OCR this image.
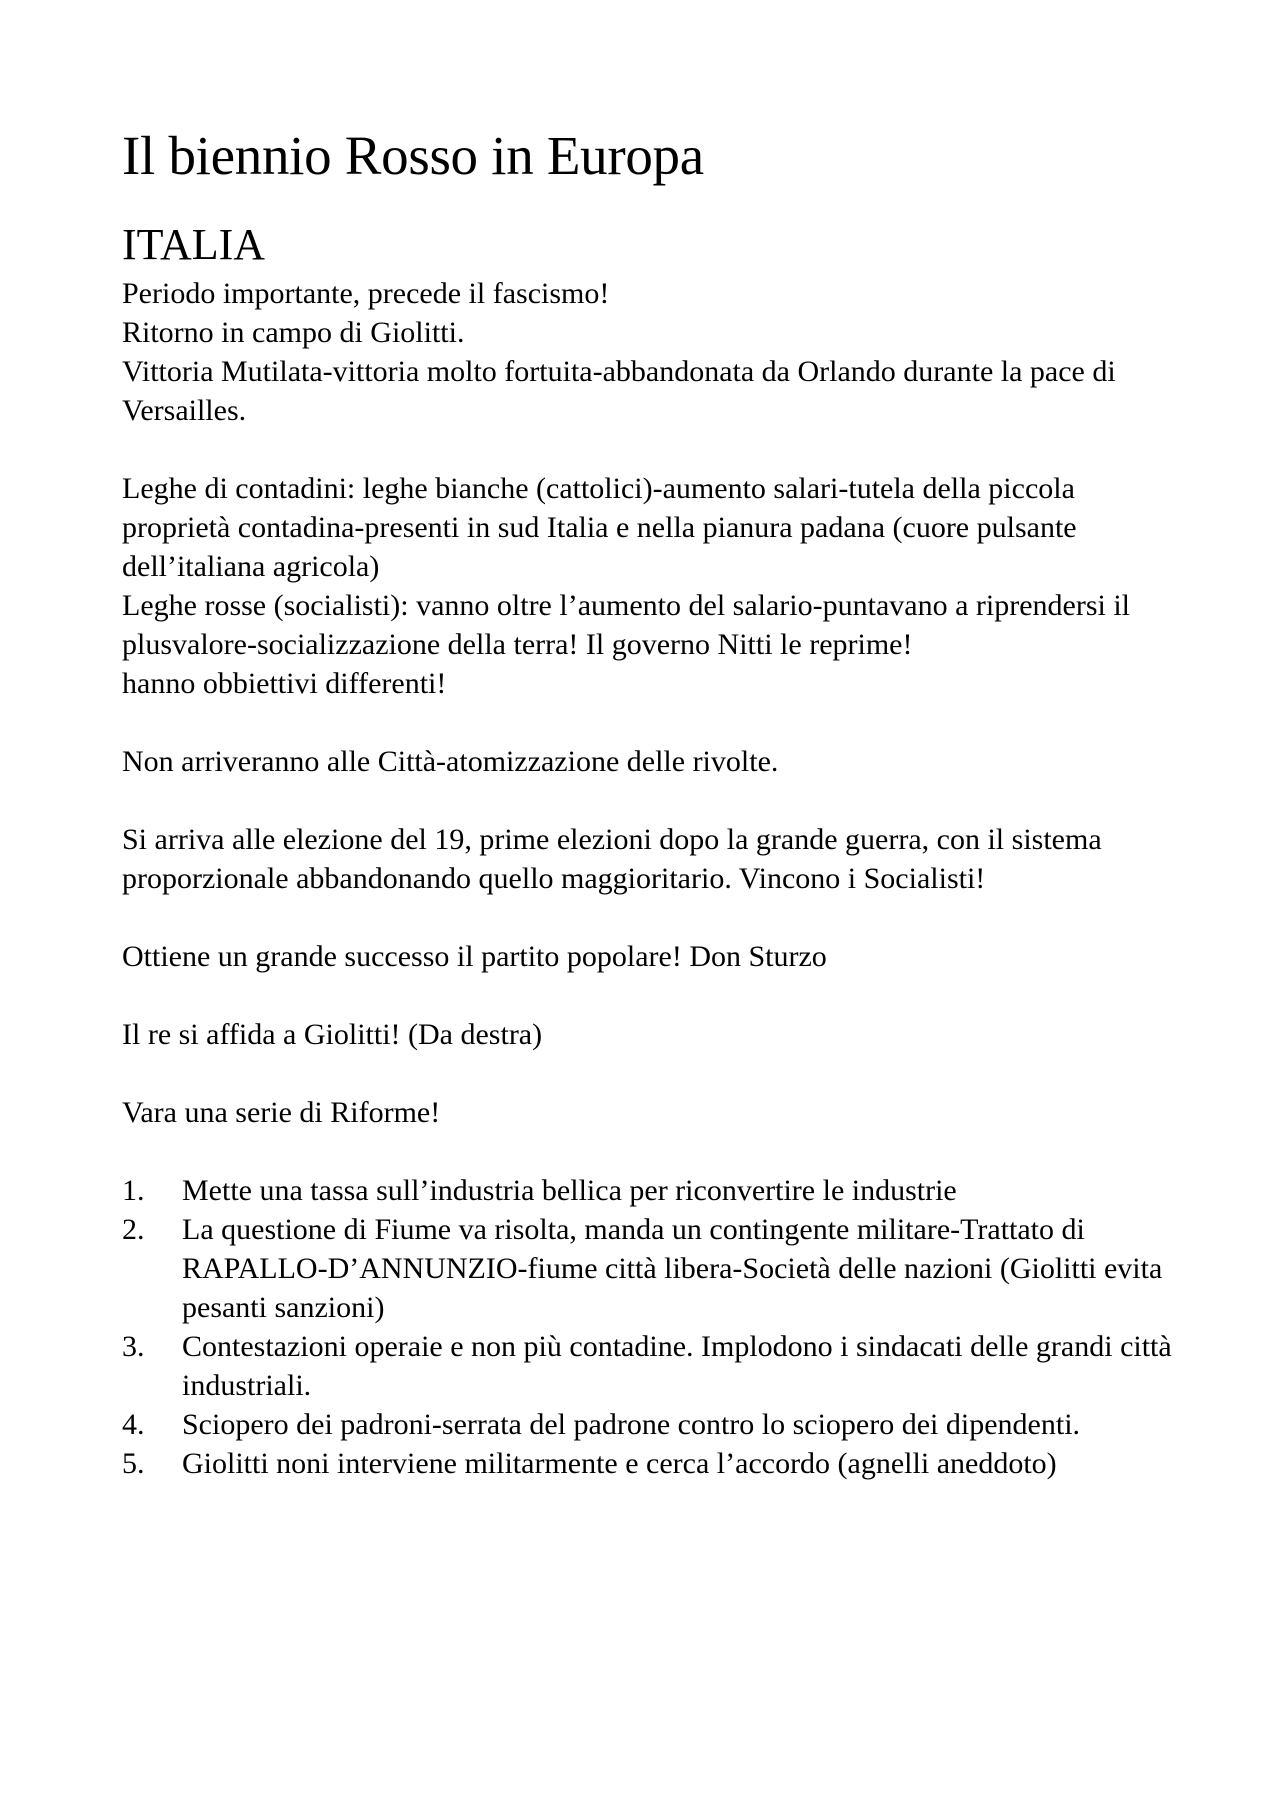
Il biennio Rosso in Europa
ITALIA

Periodo importante, precede il fascismo!

Ritorno in campo di Giolitti.

Vittoria Mutilata-vittoria molto fortuita-abbandonata da Orlando durante la pace di Versailles.

Leghe di contadini: leghe bianche (cattolici)-aumento salari-tutela della piccola proprietà contadina-presenti in sud Italia e nella pianura padana (cuore pulsante dell’italiana agricola)

Leghe rosse (socialisti): vanno oltre l’aumento del salario-puntavano a riprendersi il plusvalore-socializzazione della terra! Il governo Nitti le reprime!

hanno obbiettivi differenti!

Non arriveranno alle Città-atomizzazione delle rivolte.

Si arriva alle elezione del 19, prime elezioni dopo la grande guerra, con il sistema proporzionale abbandonando quello maggioritario. Vincono i Socialisti!

Ottiene un grande successo il partito popolare! Don Sturzo

Il re si affida a Giolitti! (Da destra)

Vara una serie di Riforme!

1.	Mette una tassa sull’industria bellica per riconvertire le industrie
2.	La questione di Fiume va risolta, manda un contingente militare-Trattato di RAPALLO-D’ANNUNZIO-fiume città libera-Società delle nazioni (Giolitti evita pesanti sanzioni)
3.	Contestazioni operaie e non più contadine. Implodono i sindacati delle grandi città industriali.
4.	Sciopero dei padroni-serrata del padrone contro lo sciopero dei dipendenti.
5.	Giolitti noni interviene militarmente e cerca l’accordo (agnelli aneddoto)
